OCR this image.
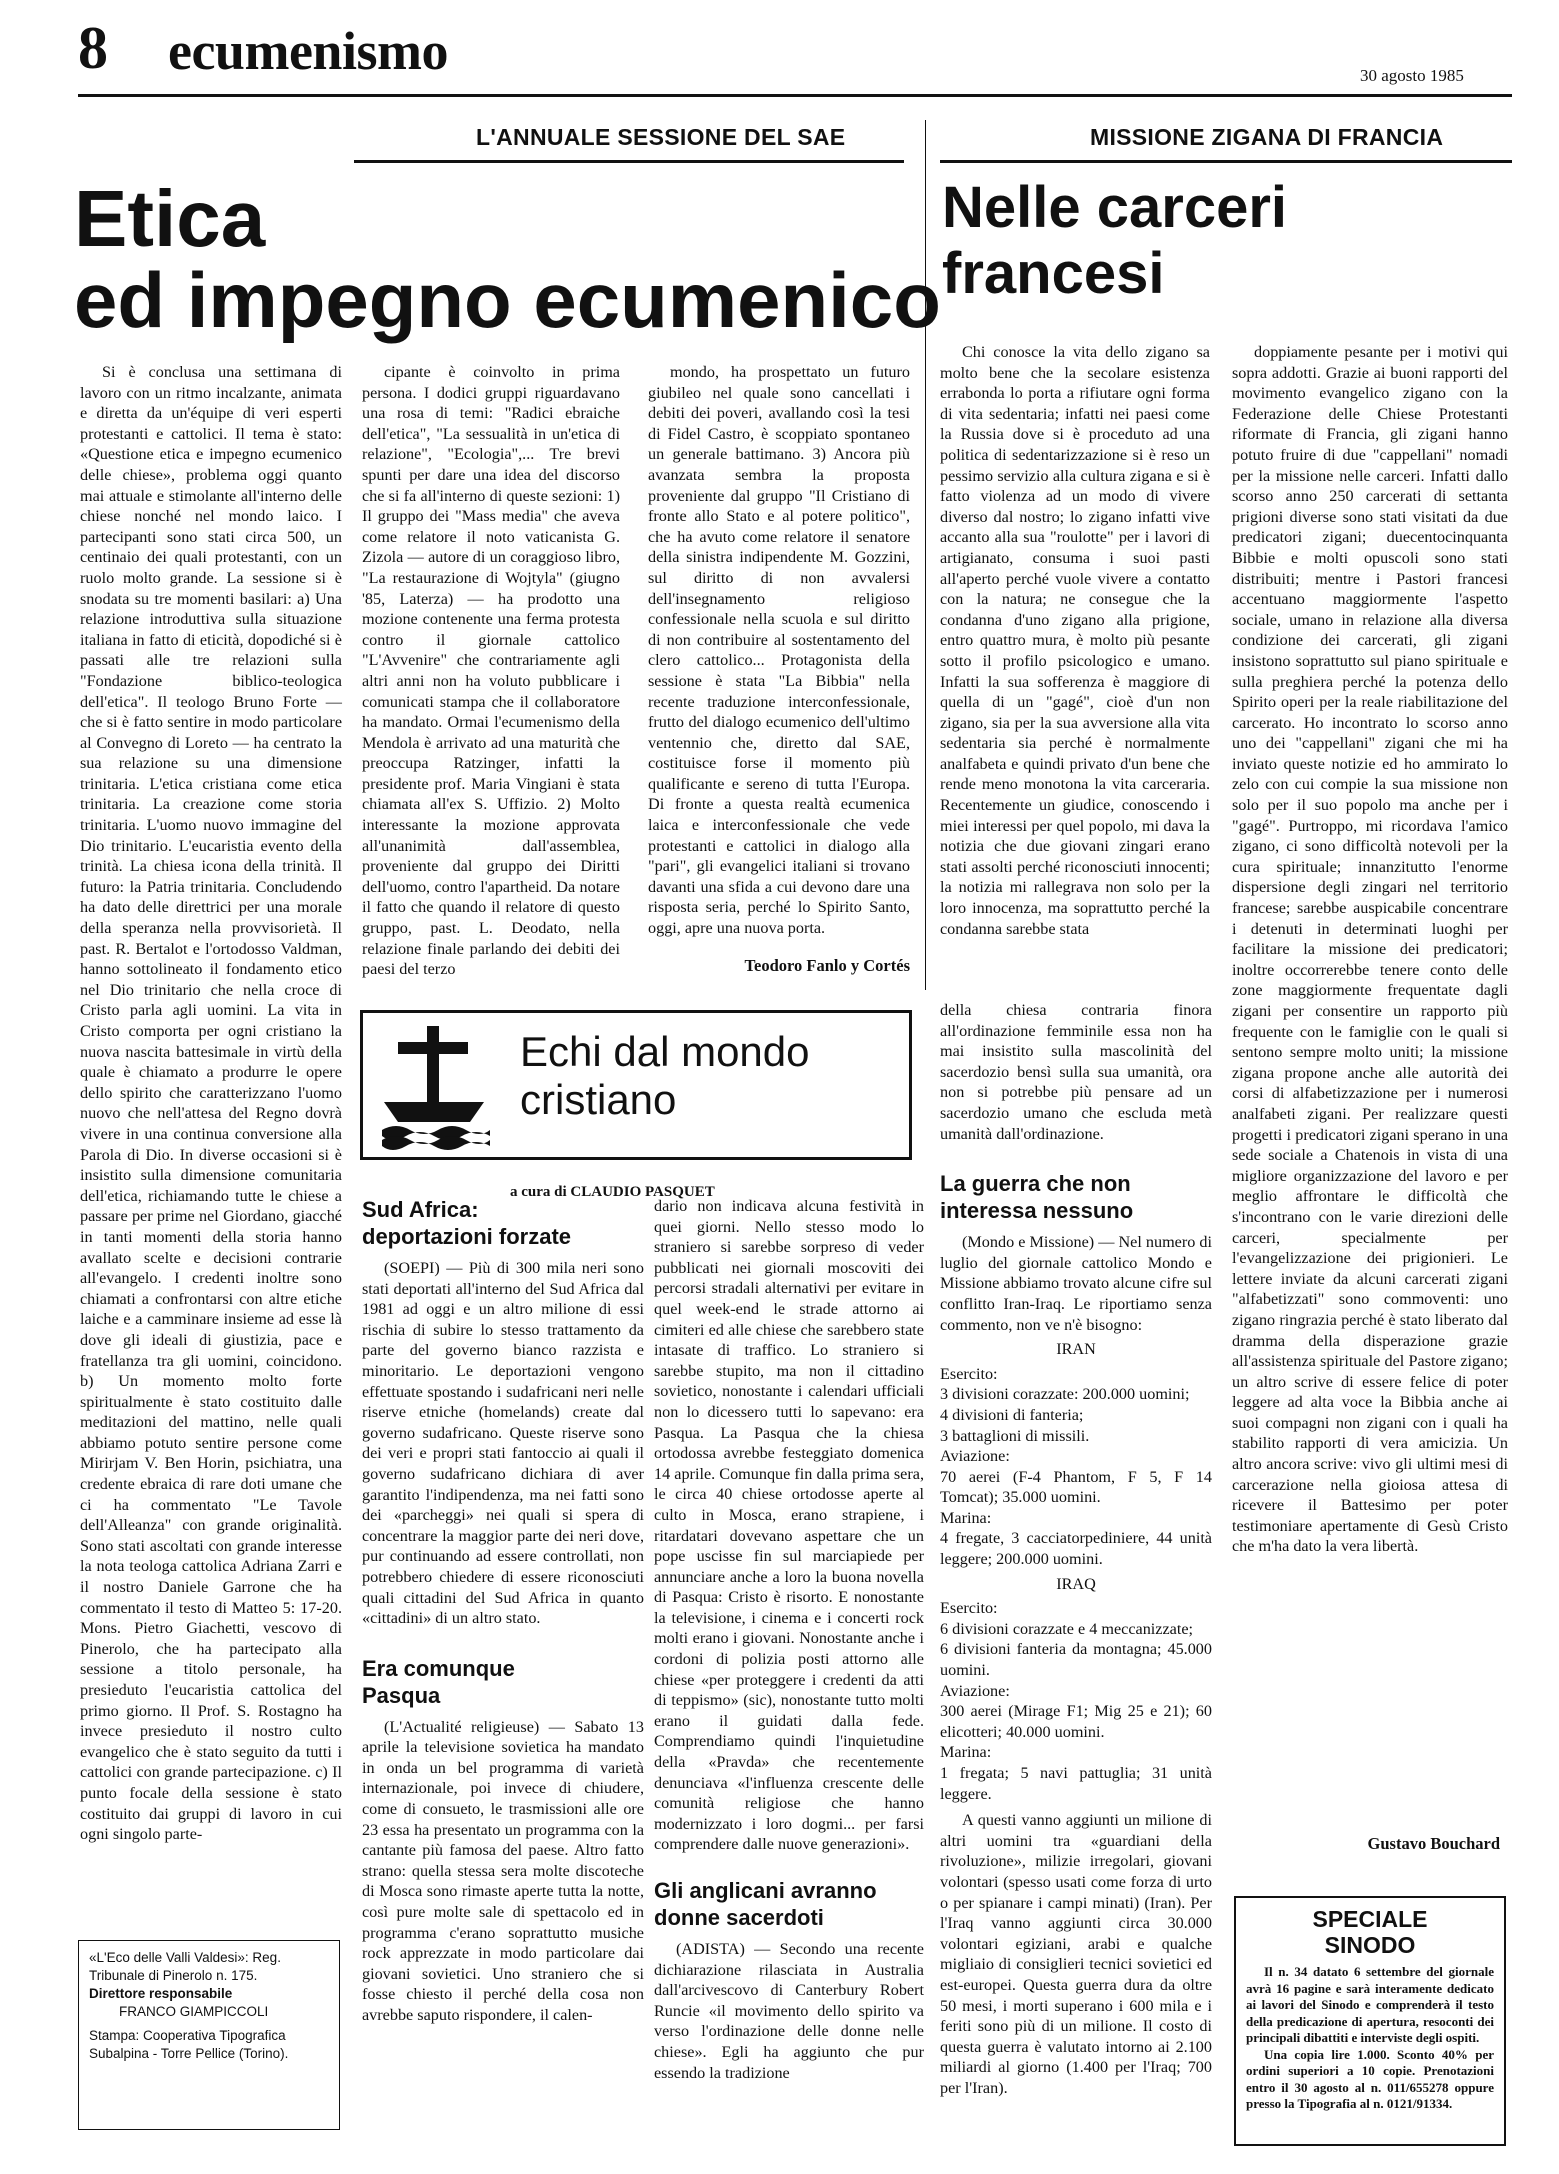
8 ecumenismo	30 agosto 1985
L'ANNUALE SESSIONE DEL SAE
Etica
ed impegno ecumenico

Si è conclusa una settimana di lavoro con un ritmo incalzante, animata e diretta da un'équipe di veri esperti protestanti e cattolici. Il tema è stato: «Questione etica e impegno ecumenico delle chiese», problema oggi quanto mai attuale e stimolante all'interno delle chiese nonché nel mondo laico. I partecipanti sono stati circa 500, un centinaio dei quali protestanti, con un ruolo molto grande. La sessione si è snodata su tre momenti basilari: a) Una relazione introduttiva sulla situazione italiana in fatto di eticità, dopodiché si è passati alle tre relazioni sulla "Fondazione biblico-teologica dell'etica". Il teologo Bruno Forte — che si è fatto sentire in modo particolare al Convegno di Loreto — ha centrato la sua relazione su una dimensione trinitaria. L'etica cristiana come etica trinitaria. La creazione come storia trinitaria. L'uomo nuovo immagine del Dio trinitario. L'eucaristia evento della trinità. La chiesa icona della trinità. Il futuro: la Patria trinitaria. Concludendo ha dato delle direttrici per una morale della speranza nella provvisorietà. Il past. R. Bertalot e l'ortodosso Valdman, hanno sottolineato il fondamento etico nel Dio trinitario che nella croce di Cristo parla agli uomini. La vita in Cristo comporta per ogni cristiano la nuova nascita battesimale in virtù della quale è chiamato a produrre le opere dello spirito che caratterizzano l'uomo nuovo che nell'attesa del Regno dovrà vivere in una continua conversione alla Parola di Dio. In diverse occasioni si è insistito sulla dimensione comunitaria dell'etica, richiamando tutte le chiese a passare per prime nel Giordano, giacché in tanti momenti della storia hanno avallato scelte e decisioni contrarie all'evangelo. I credenti inoltre sono chiamati a confrontarsi con altre etiche laiche e a camminare insieme ad esse là dove gli ideali di giustizia, pace e fratellanza tra gli uomini, coincidono. b) Un momento molto forte spiritualmente è stato costituito dalle meditazioni del mattino, nelle quali abbiamo potuto sentire persone come Mirirjam V. Ben Horin, psichiatra, una credente ebraica di rare doti umane che ci ha commentato "Le Tavole dell'Alleanza" con grande originalità. Sono stati ascoltati con grande interesse la nota teologa cattolica Adriana Zarri e il nostro Daniele Garrone che ha commentato il testo di Matteo 5: 17-20. Mons. Pietro Giachetti, vescovo di Pinerolo, che ha partecipato alla sessione a titolo personale, ha presieduto l'eucaristia cattolica del primo giorno. Il Prof. S. Rostagno ha invece presieduto il nostro culto evangelico che è stato seguito da tutti i cattolici con grande partecipazione. c) Il punto focale della sessione è stato costituito dai gruppi di lavoro in cui ogni singolo parte-

cipante è coinvolto in prima persona. I dodici gruppi riguardavano una rosa di temi: "Radici ebraiche dell'etica", "La sessualità in un'etica di relazione", "Ecologia",... Tre brevi spunti per dare una idea del discorso che si fa all'interno di queste sezioni: 1) Il gruppo dei "Mass media" che aveva come relatore il noto vaticanista G. Zizola — autore di un coraggioso libro, "La restaurazione di Wojtyla" (giugno '85, Laterza) — ha prodotto una mozione contenente una ferma protesta contro il giornale cattolico "L'Avvenire" che contrariamente agli altri anni non ha voluto pubblicare i comunicati stampa che il collaboratore ha mandato. Ormai l'ecumenismo della Mendola è arrivato ad una maturità che preoccupa Ratzinger, infatti la presidente prof. Maria Vingiani è stata chiamata all'ex S. Uffizio. 2) Molto interessante la mozione approvata all'unanimità dall'assemblea, proveniente dal gruppo dei Diritti dell'uomo, contro l'apartheid. Da notare il fatto che quando il relatore di questo gruppo, past. L. Deodato, nella relazione finale parlando dei debiti dei paesi del terzo

mondo, ha prospettato un futuro giubileo nel quale sono cancellati i debiti dei poveri, avallando così la tesi di Fidel Castro, è scoppiato spontaneo un generale battimano. 3) Ancora più avanzata sembra la proposta proveniente dal gruppo "Il Cristiano di fronte allo Stato e al potere politico", che ha avuto come relatore il senatore della sinistra indipendente M. Gozzini, sul diritto di non avvalersi dell'insegnamento religioso confessionale nella scuola e sul diritto di non contribuire al sostentamento del clero cattolico... Protagonista della sessione è stata "La Bibbia" nella recente traduzione interconfessionale, frutto del dialogo ecumenico dell'ultimo ventennio che, diretto dal SAE, costituisce forse il momento più qualificante e sereno di tutta l'Europa. Di fronte a questa realtà ecumenica laica e interconfessionale che vede protestanti e cattolici in dialogo alla "pari", gli evangelici italiani si trovano davanti una sfida a cui devono dare una risposta seria, perché lo Spirito Santo, oggi, apre una nuova porta.

Teodoro Fanlo y Cortés
MISSIONE ZIGANA DI FRANCIA
Nelle carceri
francesi

Chi conosce la vita dello zigano sa molto bene che la secolare esistenza errabonda lo porta a rifiutare ogni forma di vita sedentaria; infatti nei paesi come la Russia dove si è proceduto ad una politica di sedentarizzazione si è reso un pessimo servizio alla cultura zigana e si è fatto violenza ad un modo di vivere diverso dal nostro; lo zigano infatti vive accanto alla sua "roulotte" per i lavori di artigianato, consuma i suoi pasti all'aperto perché vuole vivere a contatto con la natura; ne consegue che la condanna d'uno zigano alla prigione, entro quattro mura, è molto più pesante sotto il profilo psicologico e umano. Infatti la sua sofferenza è maggiore di quella di un "gagé", cioè d'un non zigano, sia per la sua avversione alla vita sedentaria sia perché è normalmente analfabeta e quindi privato d'un bene che rende meno monotona la vita carceraria. Recentemente un giudice, conoscendo i miei interessi per quel popolo, mi dava la notizia che due giovani zingari erano stati assolti perché riconosciuti innocenti; la notizia mi rallegrava non solo per la loro innocenza, ma soprattutto perché la condanna sarebbe stata

doppiamente pesante per i motivi qui sopra addotti. Grazie ai buoni rapporti del movimento evangelico zigano con la Federazione delle Chiese Protestanti riformate di Francia, gli zigani hanno potuto fruire di due "cappellani" nomadi per la missione nelle carceri. Infatti dallo scorso anno 250 carcerati di settanta prigioni diverse sono stati visitati da due predicatori zigani; duecentocinquanta Bibbie e molti opuscoli sono stati distribuiti; mentre i Pastori francesi accentuano maggiormente l'aspetto sociale, umano in relazione alla diversa condizione dei carcerati, gli zigani insistono soprattutto sul piano spirituale e sulla preghiera perché la potenza dello Spirito operi per la reale riabilitazione del carcerato. Ho incontrato lo scorso anno uno dei "cappellani" zigani che mi ha inviato queste notizie ed ho ammirato lo zelo con cui compie la sua missione non solo per il suo popolo ma anche per i "gagé". Purtroppo, mi ricordava l'amico zigano, ci sono difficoltà notevoli per la cura spirituale; innanzitutto l'enorme dispersione degli zingari nel territorio francese; sarebbe auspicabile concentrare i detenuti in determinati luoghi per facilitare la missione dei predicatori; inoltre occorrerebbe tenere conto delle zone maggiormente frequentate dagli zigani per consentire un rapporto più frequente con le famiglie con le quali si sentono sempre molto uniti; la missione zigana propone anche alle autorità dei corsi di alfabetizzazione per i numerosi analfabeti zigani. Per realizzare questi progetti i predicatori zigani sperano in una sede sociale a Chatenois in vista di una migliore organizzazione del lavoro e per meglio affrontare le difficoltà che s'incontrano con le varie direzioni delle carceri, specialmente per l'evangelizzazione dei prigionieri. Le lettere inviate da alcuni carcerati zigani "alfabetizzati" sono commoventi: uno zigano ringrazia perché è stato liberato dal dramma della disperazione grazie all'assistenza spirituale del Pastore zigano; un altro scrive di essere felice di poter leggere ad alta voce la Bibbia anche ai suoi compagni non zigani con i quali ha stabilito rapporti di vera amicizia. Un altro ancora scrive: vivo gli ultimi mesi di carcerazione nella gioiosa attesa di ricevere il Battesimo per poter testimoniare apertamente di Gesù Cristo che m'ha dato la vera libertà.

Gustavo Bouchard
Echi dal mondo
cristiano
a cura di CLAUDIO PASQUET
Sud Africa:
deportazioni forzate

(SOEPI) — Più di 300 mila neri sono stati deportati all'interno del Sud Africa dal 1981 ad oggi e un altro milione di essi rischia di subire lo stesso trattamento da parte del governo bianco razzista e minoritario. Le deportazioni vengono effettuate spostando i sudafricani neri nelle riserve etniche (homelands) create dal governo sudafricano. Queste riserve sono dei veri e propri stati fantoccio ai quali il governo sudafricano dichiara di aver garantito l'indipendenza, ma nei fatti sono dei «parcheggi» nei quali si spera di concentrare la maggior parte dei neri dove, pur continuando ad essere controllati, non potrebbero chiedere di essere riconosciuti quali cittadini del Sud Africa in quanto «cittadini» di un altro stato.

Era comunque
Pasqua

(L'Actualité religieuse) — Sabato 13 aprile la televisione sovietica ha mandato in onda un bel programma di varietà internazionale, poi invece di chiudere, come di consueto, le trasmissioni alle ore 23 essa ha presentato un programma con la cantante più famosa del paese. Altro fatto strano: quella stessa sera molte discoteche di Mosca sono rimaste aperte tutta la notte, così pure molte sale di spettacolo ed in programma c'erano soprattutto musiche rock apprezzate in modo particolare dai giovani sovietici. Uno straniero che si fosse chiesto il perché della cosa non avrebbe saputo rispondere, il calen-

dario non indicava alcuna festività in quei giorni. Nello stesso modo lo straniero si sarebbe sorpreso di veder pubblicati nei giornali moscoviti dei percorsi stradali alternativi per evitare in quel week-end le strade attorno ai cimiteri ed alle chiese che sarebbero state intasate di traffico. Lo straniero si sarebbe stupito, ma non il cittadino sovietico, nonostante i calendari ufficiali non lo dicessero tutti lo sapevano: era Pasqua. La Pasqua che la chiesa ortodossa avrebbe festeggiato domenica 14 aprile. Comunque fin dalla prima sera, le circa 40 chiese ortodosse aperte al culto in Mosca, erano strapiene, i ritardatari dovevano aspettare che un pope uscisse fin sul marciapiede per annunciare anche a loro la buona novella di Pasqua: Cristo è risorto. E nonostante la televisione, i cinema e i concerti rock molti erano i giovani. Nonostante anche i cordoni di polizia posti attorno alle chiese «per proteggere i credenti da atti di teppismo» (sic), nonostante tutto molti erano il guidati dalla fede. Comprendiamo quindi l'inquietudine della «Pravda» che recentemente denunciava «l'influenza crescente delle comunità religiose che hanno modernizzato i loro dogmi... per farsi comprendere dalle nuove generazioni».

Gli anglicani avranno
donne sacerdoti

(ADISTA) — Secondo una recente dichiarazione rilasciata in Australia dall'arcivescovo di Canterbury Robert Runcie «il movimento dello spirito va verso l'ordinazione delle donne nelle chiese». Egli ha aggiunto che pur essendo la tradizione

della chiesa contraria finora all'ordinazione femminile essa non ha mai insistito sulla mascolinità del sacerdozio bensì sulla sua umanità, ora non si potrebbe più pensare ad un sacerdozio umano che escluda metà umanità dall'ordinazione.

La guerra che non
interessa nessuno

(Mondo e Missione) — Nel numero di luglio del giornale cattolico Mondo e Missione abbiamo trovato alcune cifre sul conflitto Iran-Iraq. Le riportiamo senza commento, non ve n'è bisogno:

IRAN
Esercito:
3 divisioni corazzate: 200.000 uomini;
4 divisioni di fanteria;
3 battaglioni di missili.
Aviazione:
70 aerei (F-4 Phantom, F 5, F 14 Tomcat); 35.000 uomini.
Marina:
4 fregate, 3 cacciatorpediniere, 44 unità leggere; 200.000 uomini.
IRAQ
Esercito:
6 divisioni corazzate e 4 meccanizzate;
6 divisioni fanteria da montagna; 45.000 uomini.
Aviazione:
300 aerei (Mirage F1; Mig 25 e 21); 60 elicotteri; 40.000 uomini.
Marina:
1 fregata; 5 navi pattuglia; 31 unità leggere.

A questi vanno aggiunti un milione di altri uomini tra «guardiani della rivoluzione», milizie irregolari, giovani volontari (spesso usati come forza di urto o per spianare i campi minati) (Iran). Per l'Iraq vanno aggiunti circa 30.000 volontari egiziani, arabi e qualche migliaio di consiglieri tecnici sovietici ed est-europei. Questa guerra dura da oltre 50 mesi, i morti superano i 600 mila e i feriti sono più di un milione. Il costo di questa guerra è valutato intorno ai 2.100 miliardi al giorno (1.400 per l'Iraq; 700 per l'Iran).

«L'Eco delle Valli Valdesi»: Reg. Tribunale di Pinerolo n. 175.
Direttore responsabile
FRANCO GIAMPICCOLI
Stampa: Cooperativa Tipografica Subalpina - Torre Pellice (Torino).
SPECIALE
SINODO

Il n. 34 datato 6 settembre del giornale avrà 16 pagine e sarà interamente dedicato ai lavori del Sinodo e comprenderà il testo della predicazione di apertura, resoconti dei principali dibattiti e interviste degli ospiti.

Una copia lire 1.000. Sconto 40% per ordini superiori a 10 copie. Prenotazioni entro il 30 agosto al n. 011/655278 oppure presso la Tipografia al n. 0121/91334.
